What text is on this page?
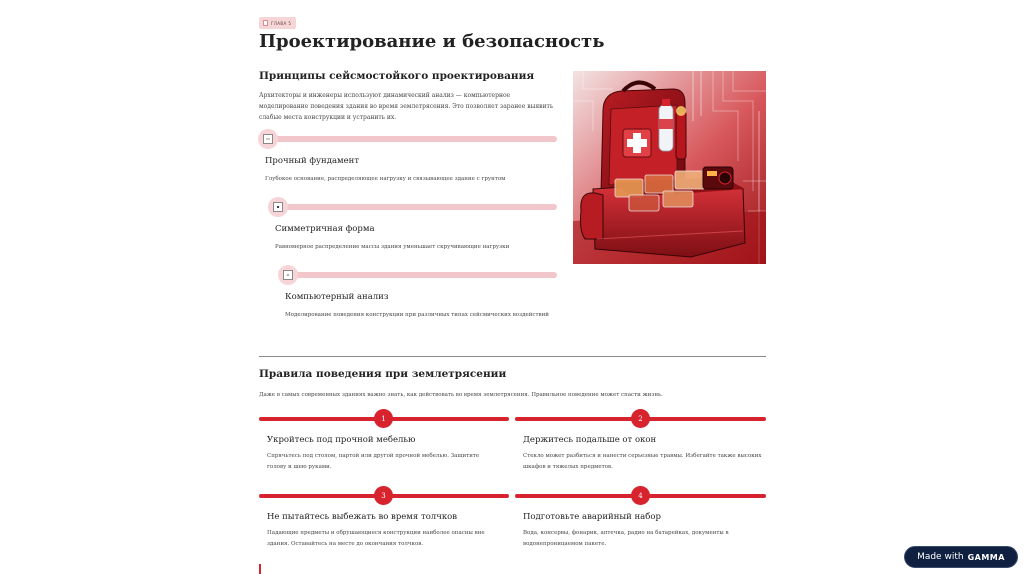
ГЛАВА 5
Проектирование и безопасность
Принципы сейсмостойкого проектирования

Архитекторы и инженеры используют динамический анализ — компьютерное моделирование поведения здания во время землетрясения. Это позволяет заранее выявить слабые места конструкции и устранить их.

▭
Прочный фундамент
Глубокое основание, распределяющее нагрузку и связывающее здание с грунтом
▪
Симметричная форма
Равномерное распределение массы здания уменьшает скручивающие нагрузки
▫
Компьютерный анализ
Моделирование поведения конструкции при различных типах сейсмических воздействий
Правила поведения при землетрясении

Даже в самых современных зданиях важно знать, как действовать во время землетрясения. Правильное поведение может спасти жизнь.

1
Укройтесь под прочной мебелью
Спрячьтесь под столом, партой или другой прочной мебелью. Защитите голову и шею руками.
2
Держитесь подальше от окон
Стекло может разбиться и нанести серьезные травмы. Избегайте также высоких шкафов и тяжелых предметов.
3
Не пытайтесь выбежать во время толчков
Падающие предметы и обрушающиеся конструкции наиболее опасны вне здания. Оставайтесь на месте до окончания толчков.
4
Подготовьте аварийный набор
Вода, консервы, фонарик, аптечка, радио на батарейках, документы в водонепроницаемом пакете.
Made with GAMMA
